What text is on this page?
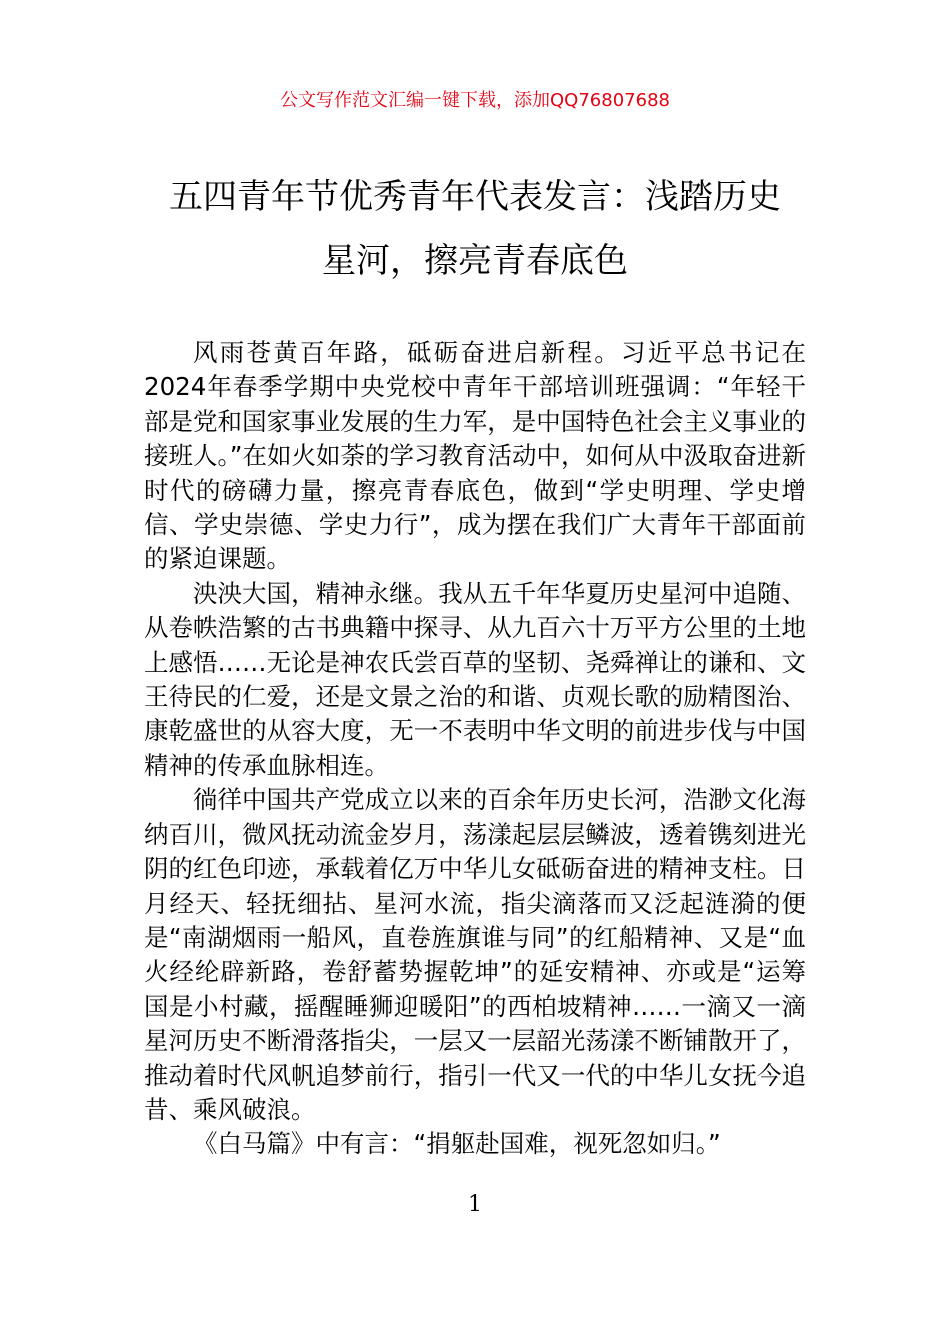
公文写作范文汇编一键下载，添加QQ76807688
五四青年节优秀青年代表发言：浅踏历史
星河，擦亮青春底色

风雨苍黄百年路，砥砺奋进启新程。习近平总书记在2024年春季学期中央党校中青年干部培训班强调：“年轻干部是党和国家事业发展的生力军，是中国特色社会主义事业的接班人。”在如火如荼的学习教育活动中，如何从中汲取奋进新时代的磅礴力量，擦亮青春底色，做到“学史明理、学史增信、学史崇德、学史力行”，成为摆在我们广大青年干部面前的紧迫课题。

泱泱大国，精神永继。我从五千年华夏历史星河中追随、从卷帙浩繁的古书典籍中探寻、从九百六十万平方公里的土地上感悟……无论是神农氏尝百草的坚韧、尧舜禅让的谦和、文王待民的仁爱，还是文景之治的和谐、贞观长歌的励精图治、康乾盛世的从容大度，无一不表明中华文明的前进步伐与中国精神的传承血脉相连。

徜徉中国共产党成立以来的百余年历史长河，浩渺文化海纳百川，微风抚动流金岁月，荡漾起层层鳞波，透着镌刻进光阴的红色印迹，承载着亿万中华儿女砥砺奋进的精神支柱。日月经天、轻抚细拈、星河水流，指尖滴落而又泛起涟漪的便是“南湖烟雨一船风，直卷旌旗谁与同”的红船精神、又是“血火经纶辟新路，卷舒蓄势握乾坤”的延安精神、亦或是“运筹国是小村藏，摇醒睡狮迎暖阳”的西柏坡精神……一滴又一滴星河历史不断滑落指尖，一层又一层韶光荡漾不断铺散开了，推动着时代风帆追梦前行，指引一代又一代的中华儿女抚今追昔、乘风破浪。

《白马篇》中有言：“捐躯赴国难，视死忽如归。”

1
